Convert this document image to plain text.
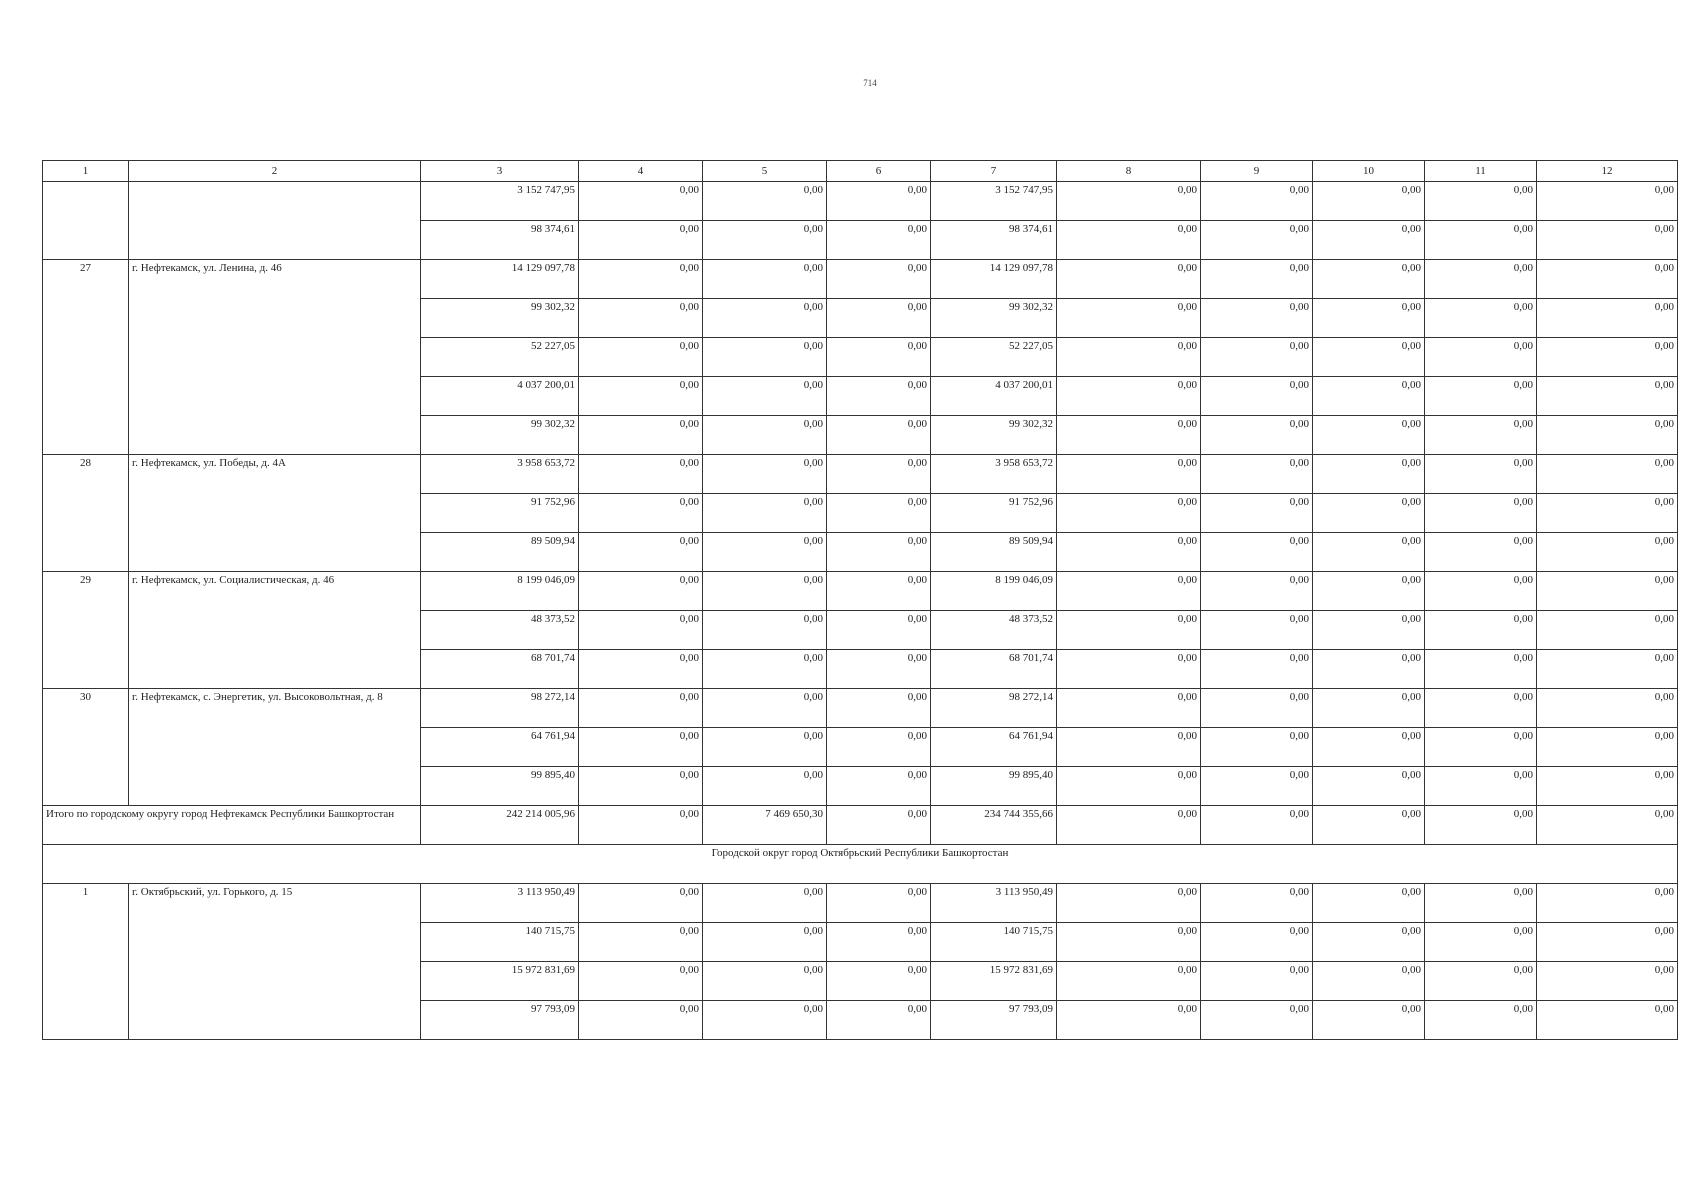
714
1	2	3	4	5	6	7	8	9	10	11	12
		3 152 747,95	0,00	0,00	0,00	3 152 747,95	0,00	0,00	0,00	0,00	0,00
		98 374,61	0,00	0,00	0,00	98 374,61	0,00	0,00	0,00	0,00	0,00
27	г. Нефтекамск, ул. Ленина, д. 46	14 129 097,78	0,00	0,00	0,00	14 129 097,78	0,00	0,00	0,00	0,00	0,00
		99 302,32	0,00	0,00	0,00	99 302,32	0,00	0,00	0,00	0,00	0,00
		52 227,05	0,00	0,00	0,00	52 227,05	0,00	0,00	0,00	0,00	0,00
		4 037 200,01	0,00	0,00	0,00	4 037 200,01	0,00	0,00	0,00	0,00	0,00
		99 302,32	0,00	0,00	0,00	99 302,32	0,00	0,00	0,00	0,00	0,00
28	г. Нефтекамск, ул. Победы, д. 4А	3 958 653,72	0,00	0,00	0,00	3 958 653,72	0,00	0,00	0,00	0,00	0,00
		91 752,96	0,00	0,00	0,00	91 752,96	0,00	0,00	0,00	0,00	0,00
		89 509,94	0,00	0,00	0,00	89 509,94	0,00	0,00	0,00	0,00	0,00
29	г. Нефтекамск, ул. Социалистическая, д. 46	8 199 046,09	0,00	0,00	0,00	8 199 046,09	0,00	0,00	0,00	0,00	0,00
		48 373,52	0,00	0,00	0,00	48 373,52	0,00	0,00	0,00	0,00	0,00
		68 701,74	0,00	0,00	0,00	68 701,74	0,00	0,00	0,00	0,00	0,00
30	г. Нефтекамск, с. Энергетик, ул. Высоковольтная, д. 8	98 272,14	0,00	0,00	0,00	98 272,14	0,00	0,00	0,00	0,00	0,00
		64 761,94	0,00	0,00	0,00	64 761,94	0,00	0,00	0,00	0,00	0,00
		99 895,40	0,00	0,00	0,00	99 895,40	0,00	0,00	0,00	0,00	0,00
Итого по городскому округу город Нефтекамск Республики Башкортостан		242 214 005,96	0,00	7 469 650,30	0,00	234 744 355,66	0,00	0,00	0,00	0,00	0,00
Городской округ город Октябрьский Республики Башкортостан											
1	г. Октябрьский, ул. Горького, д. 15	3 113 950,49	0,00	0,00	0,00	3 113 950,49	0,00	0,00	0,00	0,00	0,00
		140 715,75	0,00	0,00	0,00	140 715,75	0,00	0,00	0,00	0,00	0,00
		15 972 831,69	0,00	0,00	0,00	15 972 831,69	0,00	0,00	0,00	0,00	0,00
		97 793,09	0,00	0,00	0,00	97 793,09	0,00	0,00	0,00	0,00	0,00
